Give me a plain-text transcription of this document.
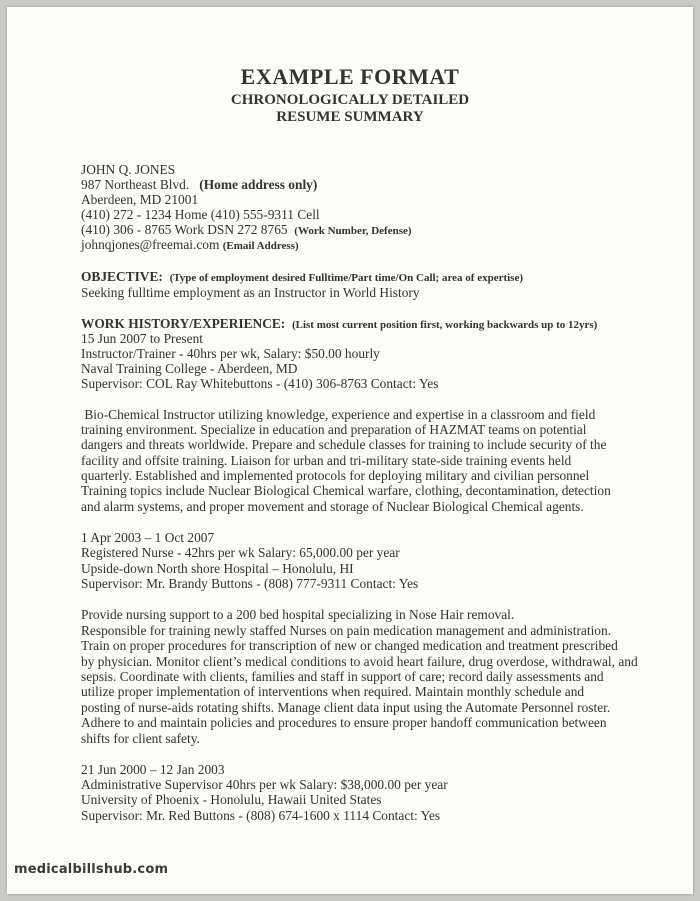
EXAMPLE FORMAT
CHRONOLOGICALLY DETAILED
RESUME SUMMARY
JOHN Q. JONES
987 Northeast Blvd. (Home address only)
Aberdeen, MD 21001
(410) 272 - 1234 Home (410) 555-9311 Cell
(410) 306 - 8765 Work DSN 272 8765 (Work Number, Defense)
johnqjones@freemai.com (Email Address)
OBJECTIVE: (Type of employment desired Fulltime/Part time/On Call; area of expertise)
Seeking fulltime employment as an Instructor in World History
WORK HISTORY/EXPERIENCE: (List most current position first, working backwards up to 12yrs)
15 Jun 2007 to Present
Instructor/Trainer - 40hrs per wk, Salary: $50.00 hourly
Naval Training College - Aberdeen, MD
Supervisor: COL Ray Whitebuttons - (410) 306-8763 Contact: Yes
Bio-Chemical Instructor utilizing knowledge, experience and expertise in a classroom and field
training environment. Specialize in education and preparation of HAZMAT teams on potential
dangers and threats worldwide. Prepare and schedule classes for training to include security of the
facility and offsite training. Liaison for urban and tri-military state-side training events held
quarterly. Established and implemented protocols for deploying military and civilian personnel
Training topics include Nuclear Biological Chemical warfare, clothing, decontamination, detection
and alarm systems, and proper movement and storage of Nuclear Biological Chemical agents.
1 Apr 2003 – 1 Oct 2007
Registered Nurse - 42hrs per wk Salary: 65,000.00 per year
Upside-down North shore Hospital – Honolulu, HI
Supervisor: Mr. Brandy Buttons - (808) 777-9311 Contact: Yes
Provide nursing support to a 200 bed hospital specializing in Nose Hair removal.
Responsible for training newly staffed Nurses on pain medication management and administration.
Train on proper procedures for transcription of new or changed medication and treatment prescribed
by physician. Monitor client’s medical conditions to avoid heart failure, drug overdose, withdrawal, and
sepsis. Coordinate with clients, families and staff in support of care; record daily assessments and
utilize proper implementation of interventions when required. Maintain monthly schedule and
posting of nurse-aids rotating shifts. Manage client data input using the Automate Personnel roster.
Adhere to and maintain policies and procedures to ensure proper handoff communication between
shifts for client safety.
21 Jun 2000 – 12 Jan 2003
Administrative Supervisor 40hrs per wk Salary: $38,000.00 per year
University of Phoenix - Honolulu, Hawaii United States
Supervisor: Mr. Red Buttons - (808) 674-1600 x 1114 Contact: Yes
medicalbillshub.com
